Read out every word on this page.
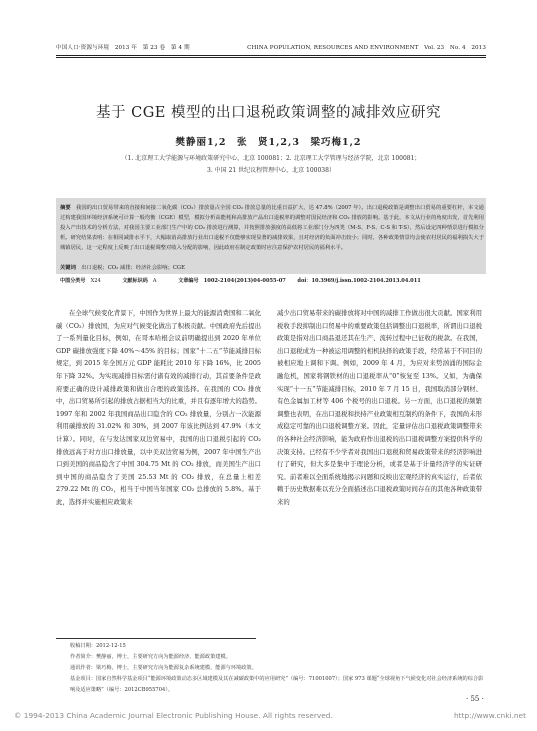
中国人口·资源与环境　2013 年　第 23 卷　第 4 期	CHINA POPULATION, RESOURCES AND ENVIRONMENT　Vol. 23　No. 4　2013
基于 CGE 模型的出口退税政策调整的减排效应研究
樊静丽1,2　张　贤1,2,3　梁巧梅1,2
（1. 北京理工大学能源与环境政策研究中心，北京 100081；2. 北京理工大学管理与经济学院，北京 100081；
3. 中国 21 世纪议程管理中心，北京 100038）
摘要　 我国的出口贸易带来的直接和间接二氧化碳（CO₂）排放量占全国 CO₂ 排放总量的比重日益扩大，达 47.8%（2007 年）。出口退税政策是调整出口贸易的重要杠杆，本文通过构建我国环境经济系统可计算一般均衡（CGE）模型，模拟分析高能耗和高排放产品出口退税率的调整对国民经济和 CO₂ 排放的影响。基于此，本文从行业的角度出发，首先利用投入产出技术的分析方法，对我国主要工业部门生产中的 CO₂ 排放进行测算，并按照排放强度的高低将工业部门分为四类（M-S、F-S、C-S 和 T-S），然后设定四种情景进行模拟分析。研究结果表明：在相同减排水平下，大幅取消高排放行业出口退税不仅能够实现显著的减排效果，且对经济的负面冲击较小；同时，各种政策情景均会使农村居民的福利损失大于城镇居民，这一定程度上反映了出口退税调整对收入分配的影响，因此政府在制定政策时应注意保护农村居民的福利水平。
关键词　 出口退税；CO₂ 减排；经济社会影响；CGE
中图分类号　 X24	文献标识码　 A	文章编号　 1002-2104(2013)04-0055-07 doi：10.3969/j.issn.1002-2104.2013.04.011
在全球气候变化背景下，中国作为世界上最大的能源消费国和二氧化碳（CO₂）排放国，为应对气候变化做出了积极贡献。中国政府先后提出了一系列量化目标，例如，在哥本哈根会议前明确提出到 2020 年单位 GDP 碳排放强度下降 40%～45% 的目标；国家“十二五”节能减排目标规定，到 2015 年全国万元 GDP 能耗比 2010 年下降 16%，比 2005 年下降 32%。为实现减排目标需付诸有效的减排行动，其首要条件是政府要正确的设计减排政策和做出合理的政策选择。在我国的 CO₂ 排放中，出口贸易所引起的排放占据相当大的比重，并且有逐年增大的趋势。1997 年和 2002 年我国商品出口隐含的 CO₂ 排放量，分别占一次能源利用碳排放的 31.02% 和 30%，到 2007 年该比例达到 47.9%（本文计算）。同时，在与发达国家双边贸易中，我国的出口退税引起的 CO₂ 排放远高于对方出口排放量，以中美双边贸易为例，2007 年中国生产出口到美国的商品隐含了中国 304.75 Mt 的 CO₂ 排放，而美国生产出口到中国的商品隐含了美国 25.53 Mt 的 CO₂ 排放，在总量上相差 279.22 Mt 的 CO₂，相当于中国当年国家 CO₂ 总排放的 5.8%。基于此，选择并实施相应政策来
减少出口贸易带来的碳排放将对中国的减排工作做出很大贡献。国家利用税收手段抑制出口贸易中的重要政策包括调整出口退税率，所谓出口退税政策是指对出口商品退还其在生产、流转过程中已征收的税款。在我国，出口退税成为一种被运用调整的相机抉择的政策手段，经常基于不同目的被相应地上调和下调。例如，2009 年 4 月，为应对来势汹涌的国际金融危机，国家将钢铁材的出口退税率从“0”恢复至 13%。又如，为确保实现“十一五”节能减排目标，2010 年 7 月 15 日，我国取消部分钢材、有色金属加工材等 406 个税号的出口退税。另一方面，出口退税的频繁调整也表明，在出口退税和扶持产业政策相互制约的条件下，我国尚未形成稳定可靠的出口退税调整方案。因此，定量评估出口退税政策调整带来的各种社会经济影响，能为政府作出退税的出口退税调整方案提供科学的决策支持。已经有不少学者对我国出口退税和贸易政策带来的经济影响进行了研究，但大多是集中于理论分析，或者是基于计量经济学的实证研究。前者难以全面系统地揭示问题和反映出宏观经济的真实运行，后者依赖于历史数据难以充分全面描述出口退税政策时间存在的其他各种政策带来的
收稿日期：2012-12-15
作者简介：樊静丽，博士，主要研究方向为能源经济、能源政策建模。
通讯作者：梁巧梅，博士，主要研究方向为能源复杂系统建模、能源与环境政策。
基金项目：国家自然科学基金项目“能源环境政策动态多区域建模及其在减碳政策中的应用研究”（编号：71001007）；国家 973 课题“全球视角下气候变化对社会经济系统的综合影响及适应策略”（编号：2012CB955704）。
· 55 ·
© 1994-2013 China Academic Journal Electronic Publishing House. All rights reserved.	http://www.cnki.net
